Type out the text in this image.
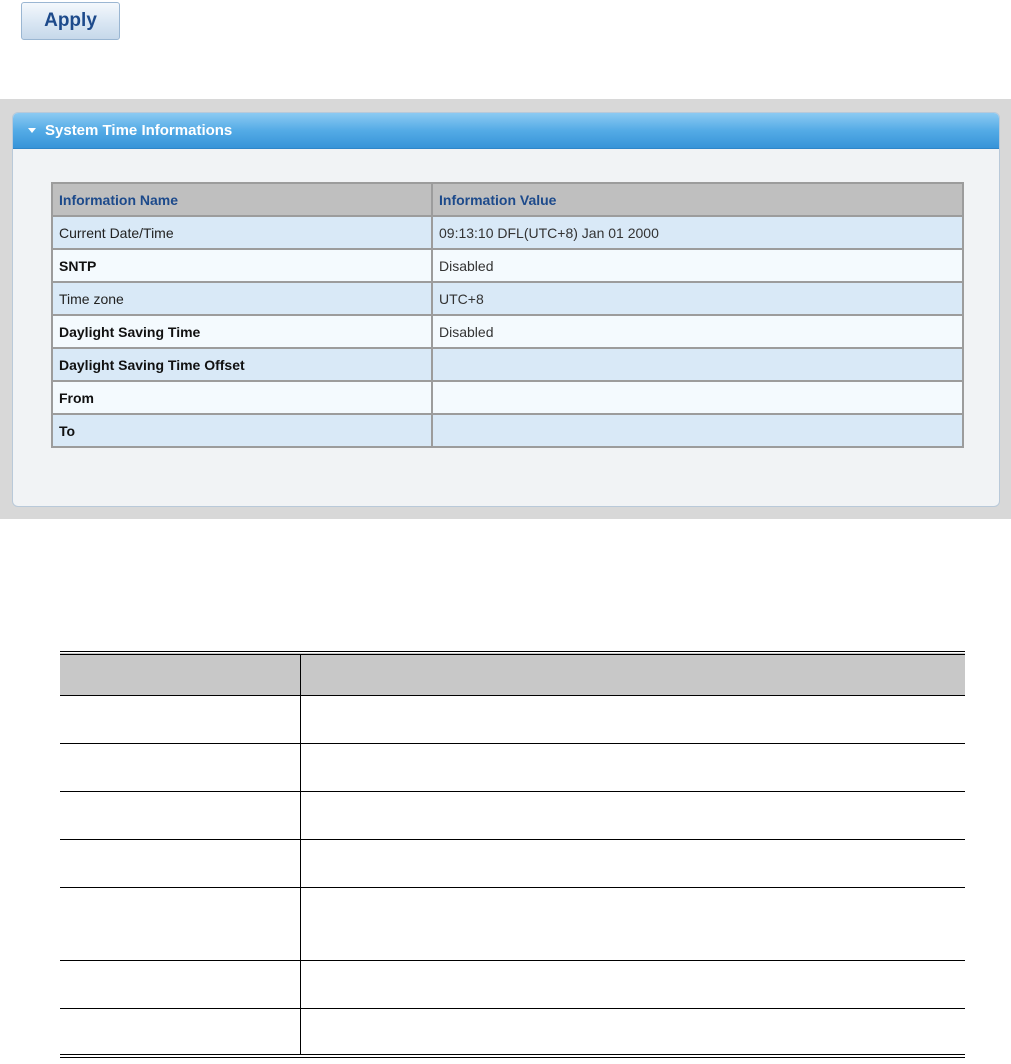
Apply
System Time Informations
Information Name	Information Value
Current Date/Time	09:13:10 DFL(UTC+8) Jan 01 2000
SNTP	Disabled
Time zone	UTC+8
Daylight Saving Time	Disabled
Daylight Saving Time Offset	
From	
To	
